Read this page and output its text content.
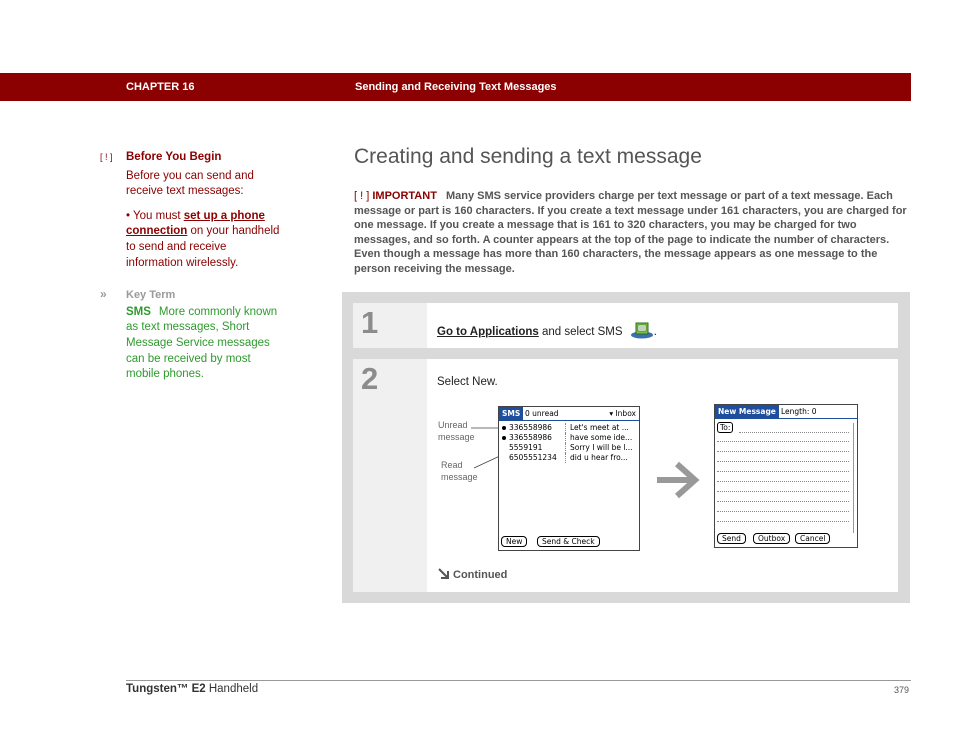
CHAPTER 16	Sending and Receiving Text Messages
[ ! ]	Before You Begin
Before you can send and receive text messages:
• You must set up a phone connection on your handheld to send and receive information wirelessly.
»	Key Term
SMS More commonly known as text messages, Short Message Service messages can be received by most mobile phones.
Creating and sending a text message
[ ! ] IMPORTANT Many SMS service providers charge per text message or part of a text message. Each message or part is 160 characters. If you create a text message under 161 characters, you are charged for one message. If you create a message that is 161 to 320 characters, you may be charged for two messages, and so forth. A counter appears at the top of the page to indicate the number of characters. Even though a message has more than 160 characters, the message appears as one message to the person receiving the message.
1	Go to Applications and select SMS	.
2	Select New.
Unread message
Read message
SMS 0 unread	▾ Inbox
336558986 Let's meet at ...
336558986 have some ide...
5559191	Sorry I will be l...
6505551234 did u hear fro...
New	Send & Check
New Message Length: 0
To:
Send	Outbox	Cancel
Continued
Tungsten™ E2 Handheld	379
